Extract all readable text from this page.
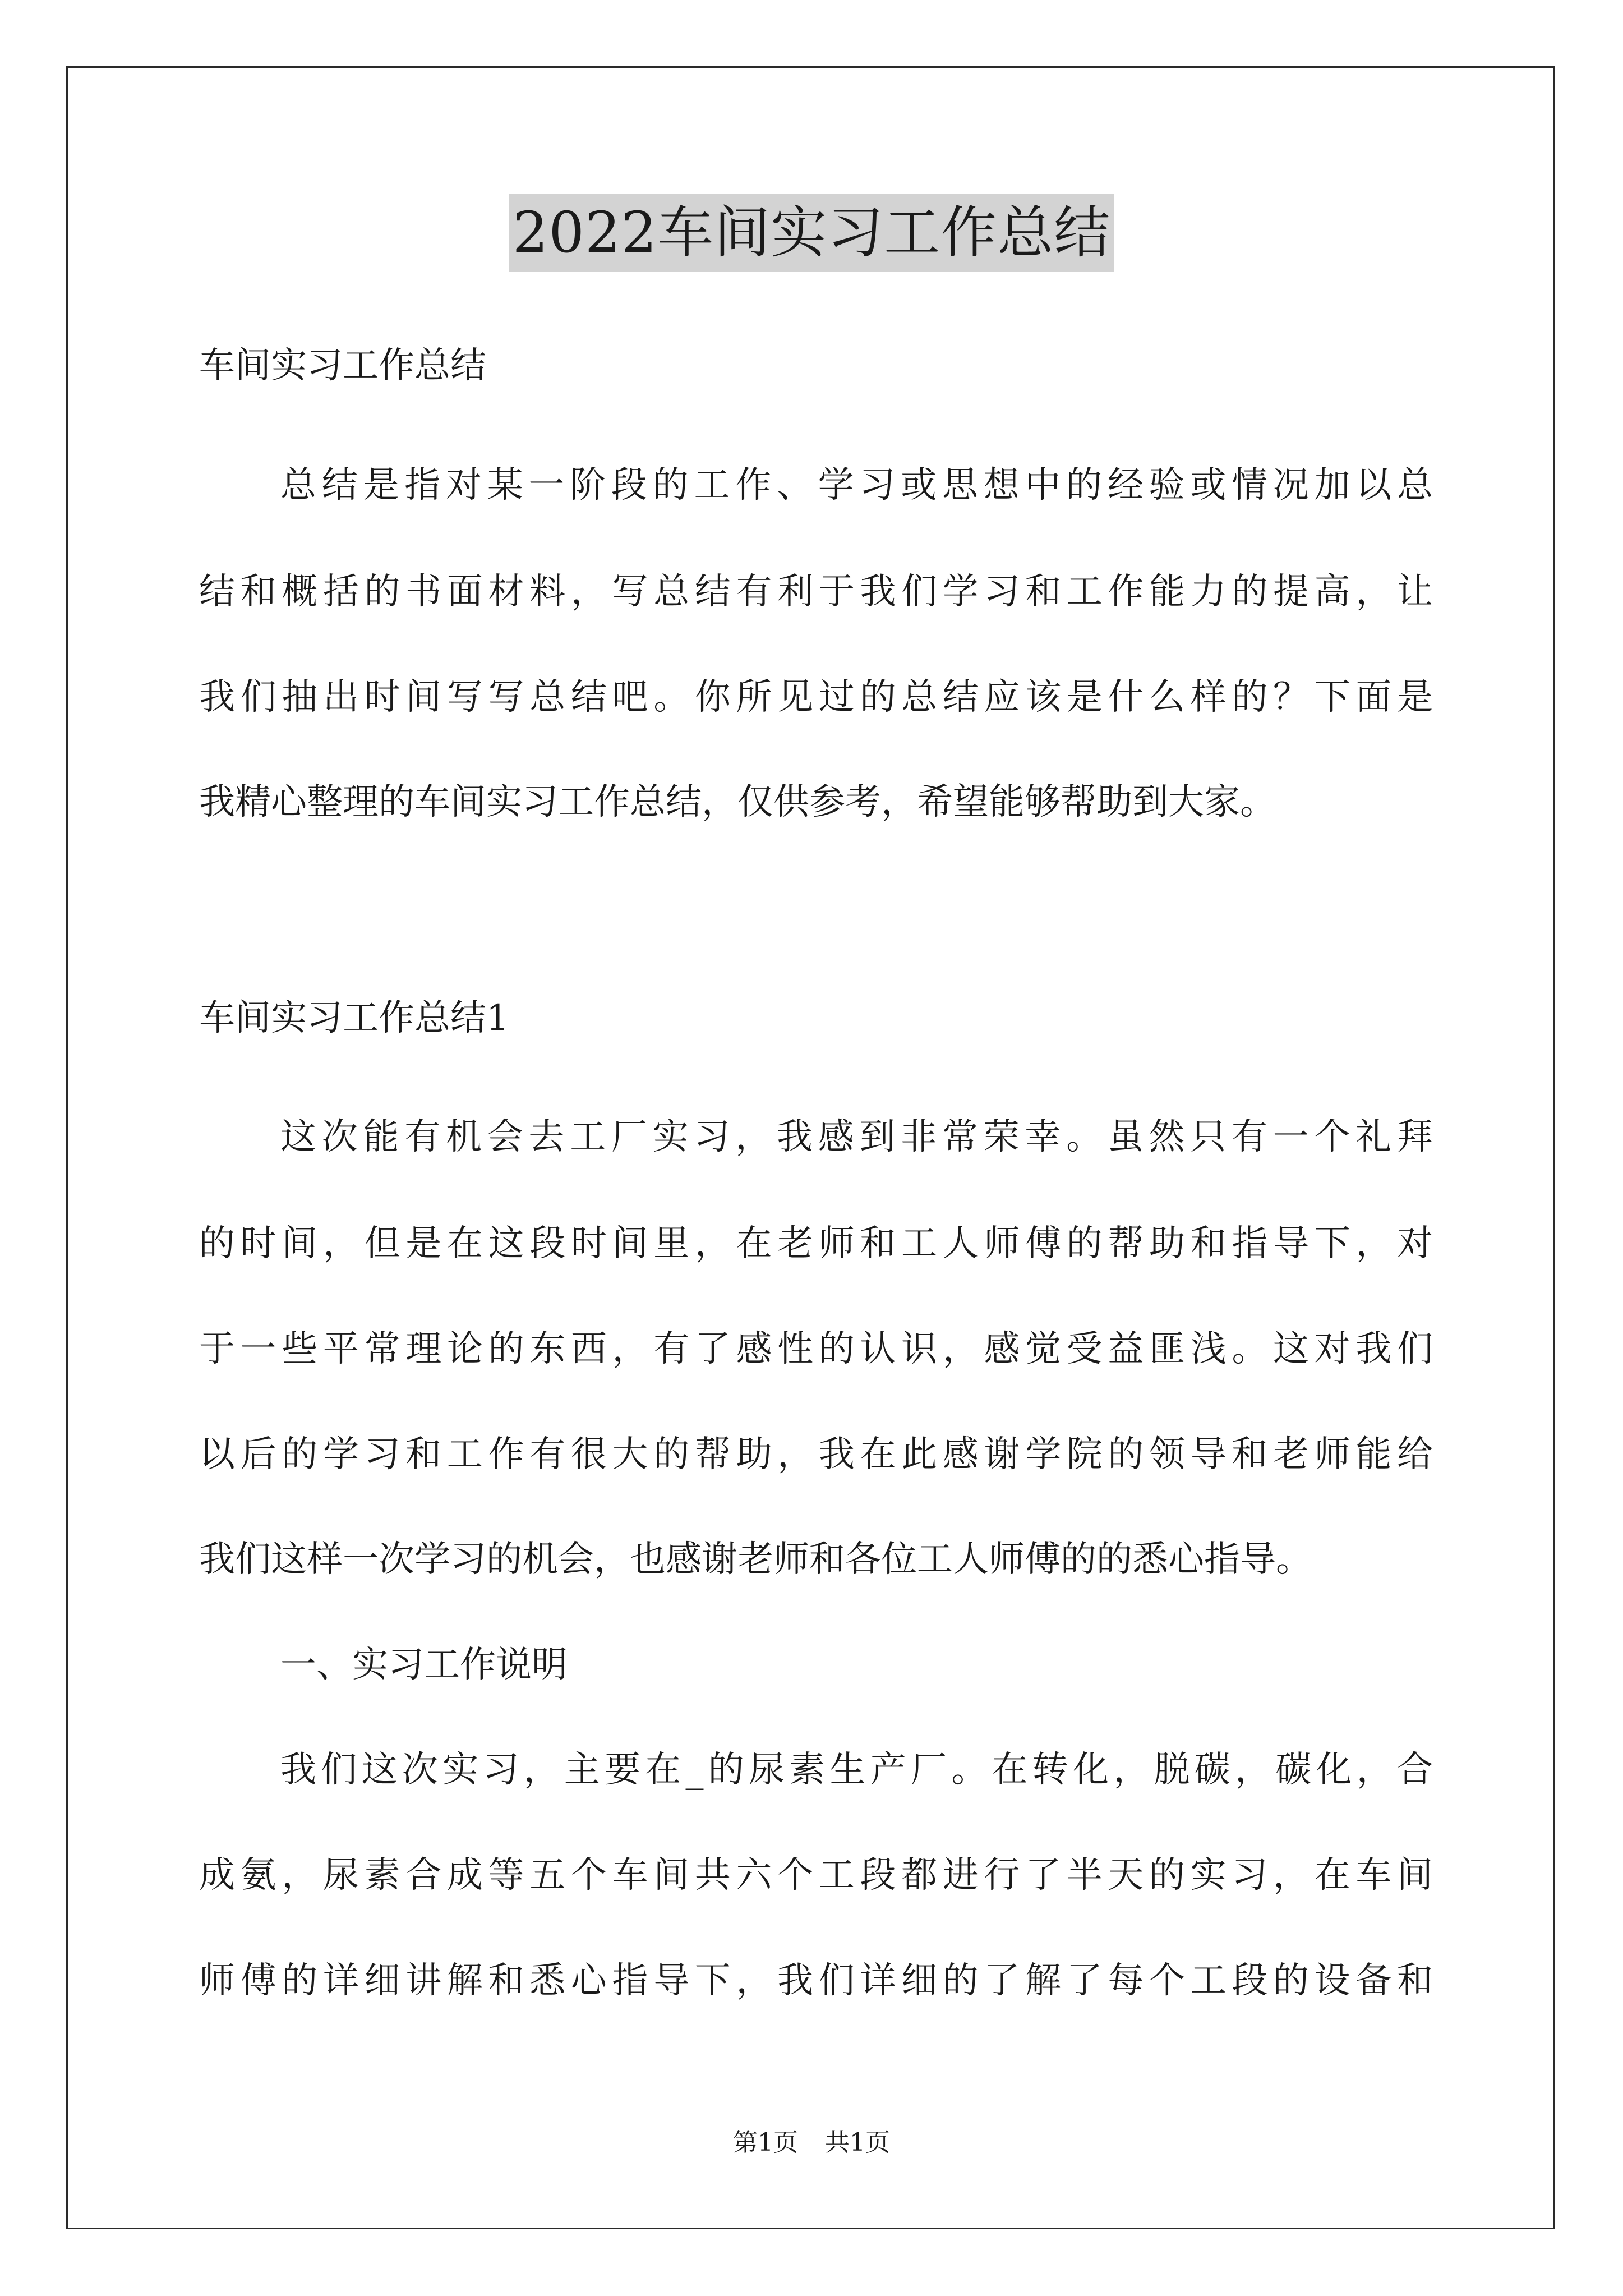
2022车间实习工作总结
车间实习工作总结
总结是指对某一阶段的工作、学习或思想中的经验或情况加以总
结和概括的书面材料，写总结有利于我们学习和工作能力的提高，让
我们抽出时间写写总结吧。你所见过的总结应该是什么样的？下面是
我精心整理的车间实习工作总结，仅供参考，希望能够帮助到大家。
车间实习工作总结1
这次能有机会去工厂实习，我感到非常荣幸。虽然只有一个礼拜
的时间，但是在这段时间里，在老师和工人师傅的帮助和指导下，对
于一些平常理论的东西，有了感性的认识，感觉受益匪浅。这对我们
以后的学习和工作有很大的帮助，我在此感谢学院的领导和老师能给
我们这样一次学习的机会，也感谢老师和各位工人师傅的的悉心指导。
一、实习工作说明
我们这次实习，主要在_的尿素生产厂。在转化，脱碳，碳化，合
成氨，尿素合成等五个车间共六个工段都进行了半天的实习，在车间
师傅的详细讲解和悉心指导下，我们详细的了解了每个工段的设备和
第1页 共1页
